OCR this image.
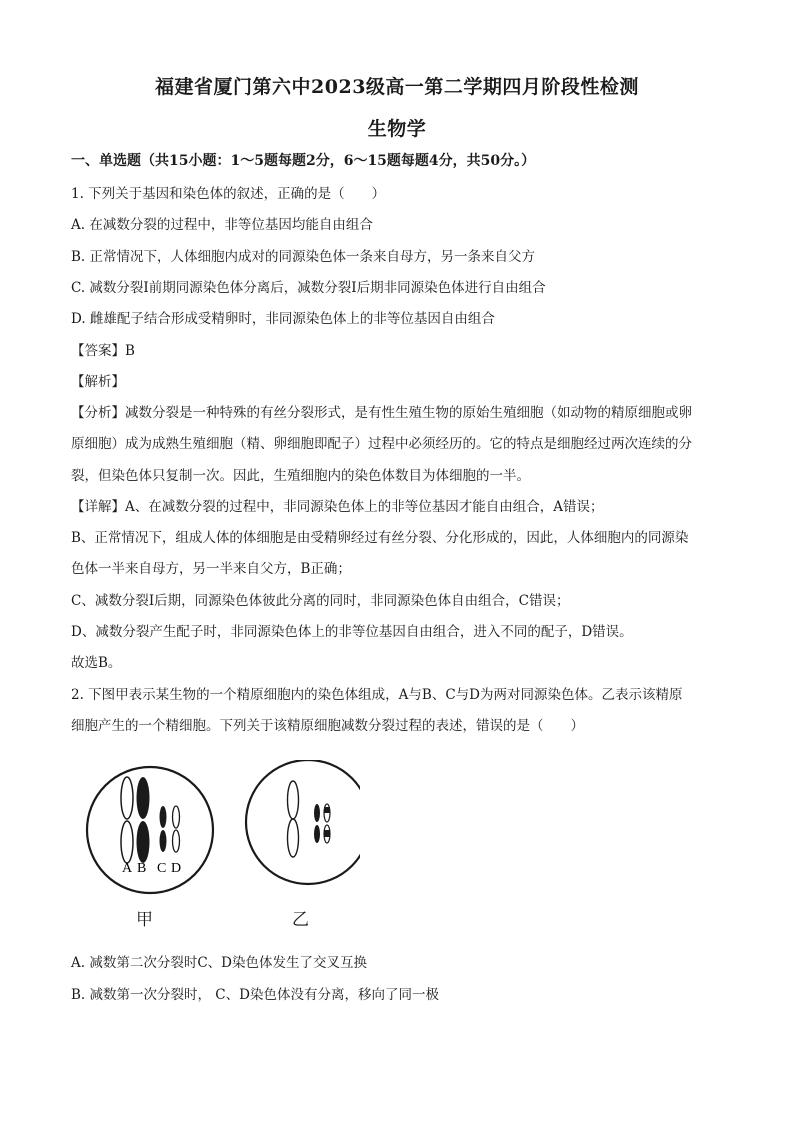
福建省厦门第六中2023级高一第二学期四月阶段性检测
生物学
一、单选题（共15小题：1～5题每题2分，6～15题每题4分，共50分。）
1. 下列关于基因和染色体的叙述，正确的是（　　）
A. 在减数分裂的过程中，非等位基因均能自由组合
B. 正常情况下，人体细胞内成对的同源染色体一条来自母方，另一条来自父方
C. 减数分裂Ⅰ前期同源染色体分离后，减数分裂Ⅰ后期非同源染色体进行自由组合
D. 雌雄配子结合形成受精卵时，非同源染色体上的非等位基因自由组合
【答案】B
【解析】
【分析】减数分裂是一种特殊的有丝分裂形式，是有性生殖生物的原始生殖细胞（如动物的精原细胞或卵
原细胞）成为成熟生殖细胞（精、卵细胞即配子）过程中必须经历的。它的特点是细胞经过两次连续的分
裂，但染色体只复制一次。因此，生殖细胞内的染色体数目为体细胞的一半。
【详解】A、在减数分裂的过程中，非同源染色体上的非等位基因才能自由组合，A错误；
B、正常情况下，组成人体的体细胞是由受精卵经过有丝分裂、分化形成的，因此，人体细胞内的同源染
色体一半来自母方，另一半来自父方，B正确；
C、减数分裂Ⅰ后期，同源染色体彼此分离的同时，非同源染色体自由组合，C错误；
D、减数分裂产生配子时，非同源染色体上的非等位基因自由组合，进入不同的配子，D错误。
故选B。
2. 下图甲表示某生物的一个精原细胞内的染色体组成，A与B、C与D为两对同源染色体。乙表示该精原
细胞产生的一个精细胞。下列关于该精原细胞减数分裂过程的表述，错误的是（　　）
A B C D
甲	乙
A. 减数第二次分裂时C、D染色体发生了交叉互换
B. 减数第一次分裂时， C、D染色体没有分离，移向了同一极
